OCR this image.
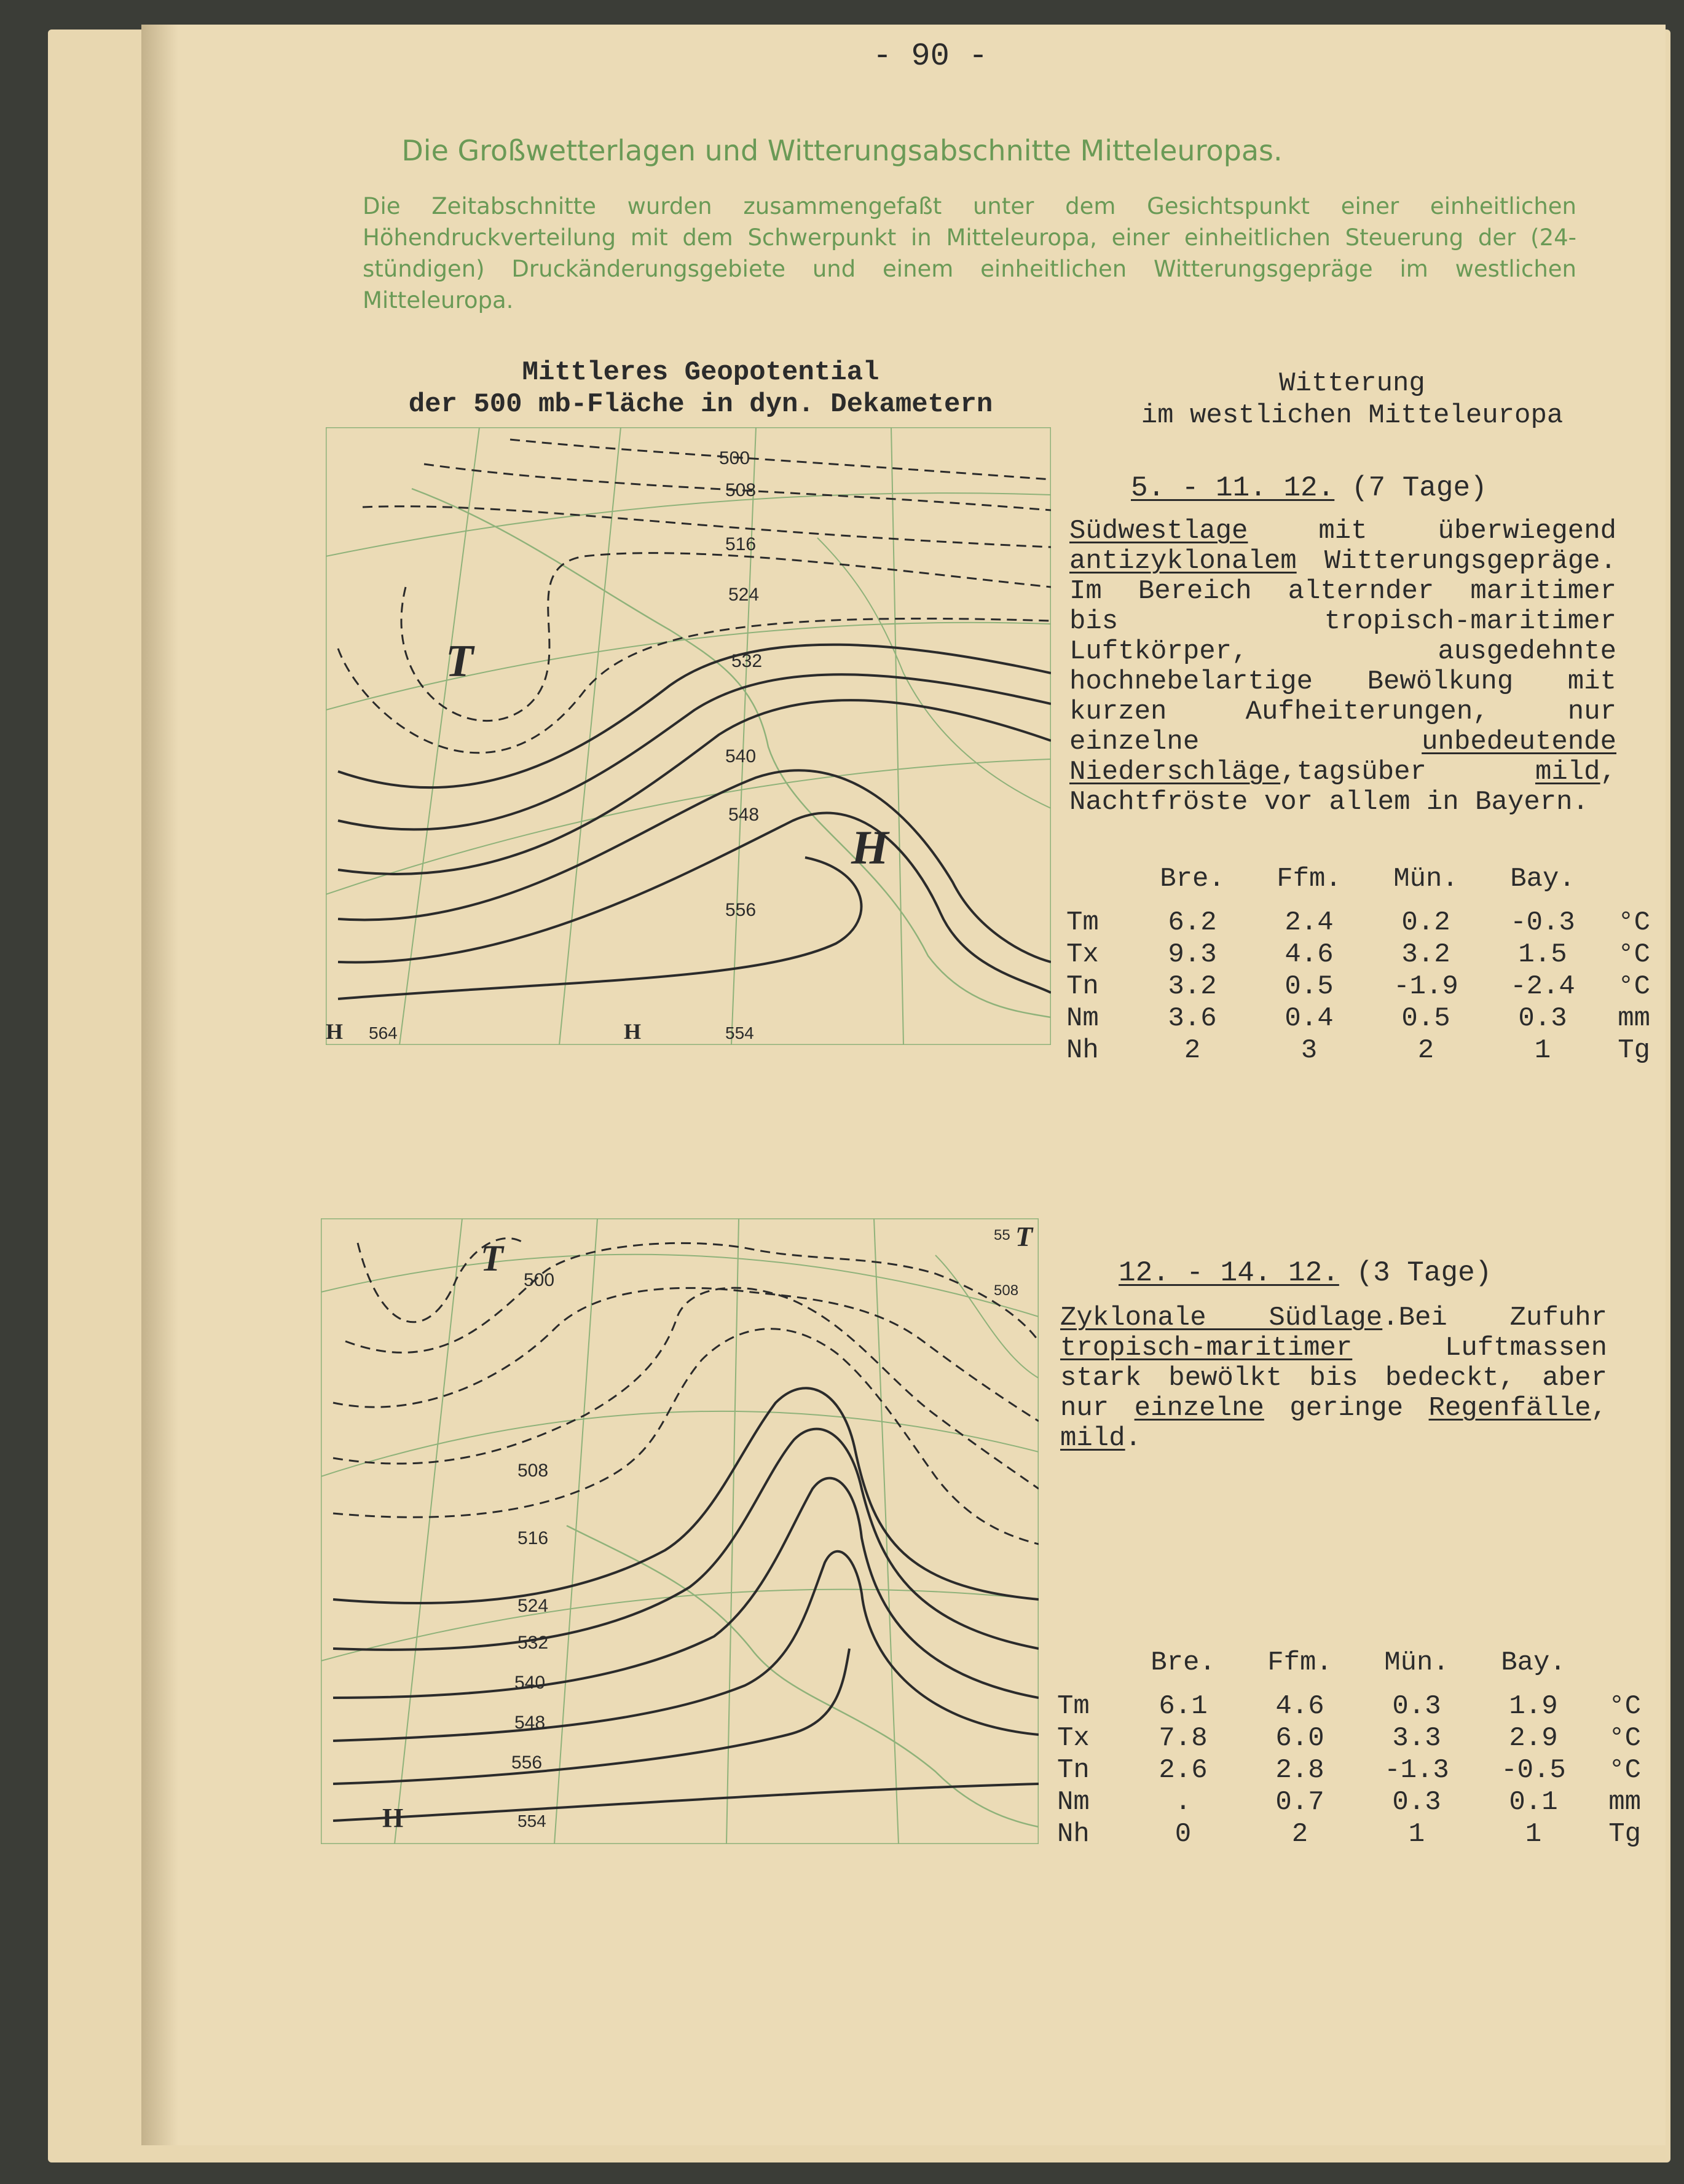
- 90 -
Die Großwetterlagen und Witterungsabschnitte Mitteleuropas.
Die Zeitabschnitte wurden zusammengefaßt unter dem Gesichtspunkt einer einheitlichen Höhendruckverteilung mit dem Schwerpunkt in Mitteleuropa, einer einheitlichen Steuerung der (24-stündigen) Druckänderungsgebiete und einem einheitlichen Witterungsgepräge im westlichen Mitteleuropa.
Mittleres Geopotential
der 500 mb-Fläche in dyn. Dekametern
Witterung
im westlichen Mitteleuropa
500
508
516
524
532
540
548
556
564	554
T
H
H	H
5. - 11. 12. (7 Tage)
Südwestlage mit überwiegend antizyklonalem Witterungsgepräge. Im Bereich alternder maritimer bis tropisch-maritimer Luftkörper, ausgedehnte hochnebelartige Bewölkung mit kurzen Aufheiterungen, nur einzelne unbedeutende Niederschläge,tagsüber mild, Nachtfröste vor allem in Bayern.
	Bre.	Ffm.	Mün.	Bay.	
Tm	6.2	2.4	0.2	-0.3	°C
Tx	9.3	4.6	3.2	1.5	°C
Tn	3.2	0.5	-1.9	-2.4	°C
Nm	3.6	0.4	0.5	0.3	mm
Nh	2	3	2	1	Tg
500
508
516
524
532
540
548
556
554
508
55
T
T
H
12. - 14. 12. (3 Tage)
Zyklonale Südlage.Bei Zufuhr tropisch-maritimer Luftmassen stark bewölkt bis bedeckt, aber nur einzelne geringe Regenfälle, mild.
	Bre.	Ffm.	Mün.	Bay.	
Tm	6.1	4.6	0.3	1.9	°C
Tx	7.8	6.0	3.3	2.9	°C
Tn	2.6	2.8	-1.3	-0.5	°C
Nm	.	0.7	0.3	0.1	mm
Nh	0	2	1	1	Tg
